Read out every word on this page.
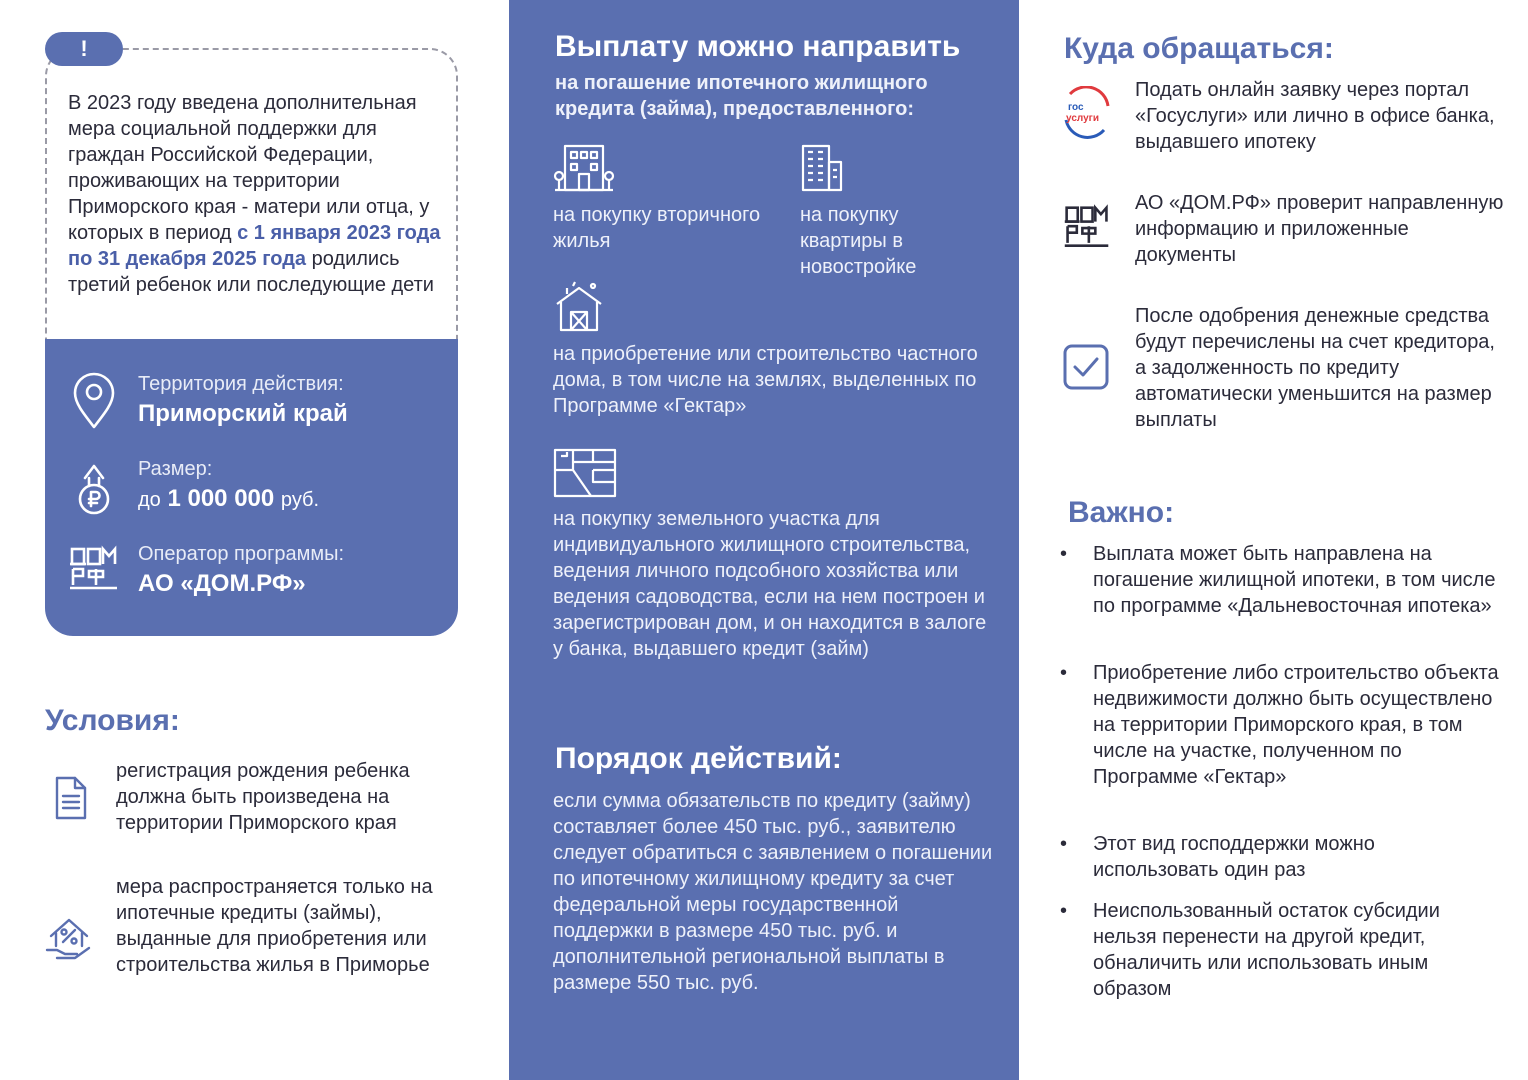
!

В 2023 году введена дополнительная мера социальной поддержки для граждан Российской Федерации, проживающих на территории Приморского края - матери или отца, у которых в период с 1 января 2023 года по 31 декабря 2025 года родились третий ребенок или последующие дети

Территория действия:
Приморский край
Размер:
до 1 000 000 руб.
Оператор программы:
АО «ДОМ.РФ»
Условия:
регистрация рождения ребенка должна быть произведена на территории Приморского края
мера распространяется только на ипотечные кредиты (займы), выданные для приобретения или строительства жилья в Приморье
Выплату можно направить
на погашение ипотечного жилищного кредита (займа), предоставленного:
на покупку вторичного жилья
на покупку квартиры в новостройке
на приобретение или строительство частного дома, в том числе на землях, выделенных по Программе «Гектар»
на покупку земельного участка для индивидуального жилищного строительства, ведения личного подсобного хозяйства или ведения садоводства, если на нем построен и зарегистрирован дом, и он находится в залоге у банка, выдавшего кредит (займ)
Порядок действий:
если сумма обязательств по кредиту (займу) составляет более 450 тыс. руб., заявителю следует обратиться с заявлением о погашении по ипотечному жилищному кредиту за счет федеральной меры государственной поддержки в размере 450 тыс. руб. и дополнительной региональной выплаты в размере 550 тыс. руб.
Куда обращаться:
гос
услуги
Подать онлайн заявку через портал «Госуслуги» или лично в офисе банка, выдавшего ипотеку
АО «ДОМ.РФ» проверит направленную информацию и приложенные документы
После одобрения денежные средства будут перечислены на счет кредитора, а задолженность по кредиту автоматически уменьшится на размер выплаты
Важно:
• Выплата может быть направлена на погашение жилищной ипотеки, в том числе по программе «Дальневосточная ипотека»
• Приобретение либо строительство объекта недвижимости должно быть осуществлено на территории Приморского края, в том числе на участке, полученном по Программе «Гектар»
• Этот вид господдержки можно использовать один раз
• Неиспользованный остаток субсидии нельзя перенести на другой кредит, обналичить или использовать иным образом
